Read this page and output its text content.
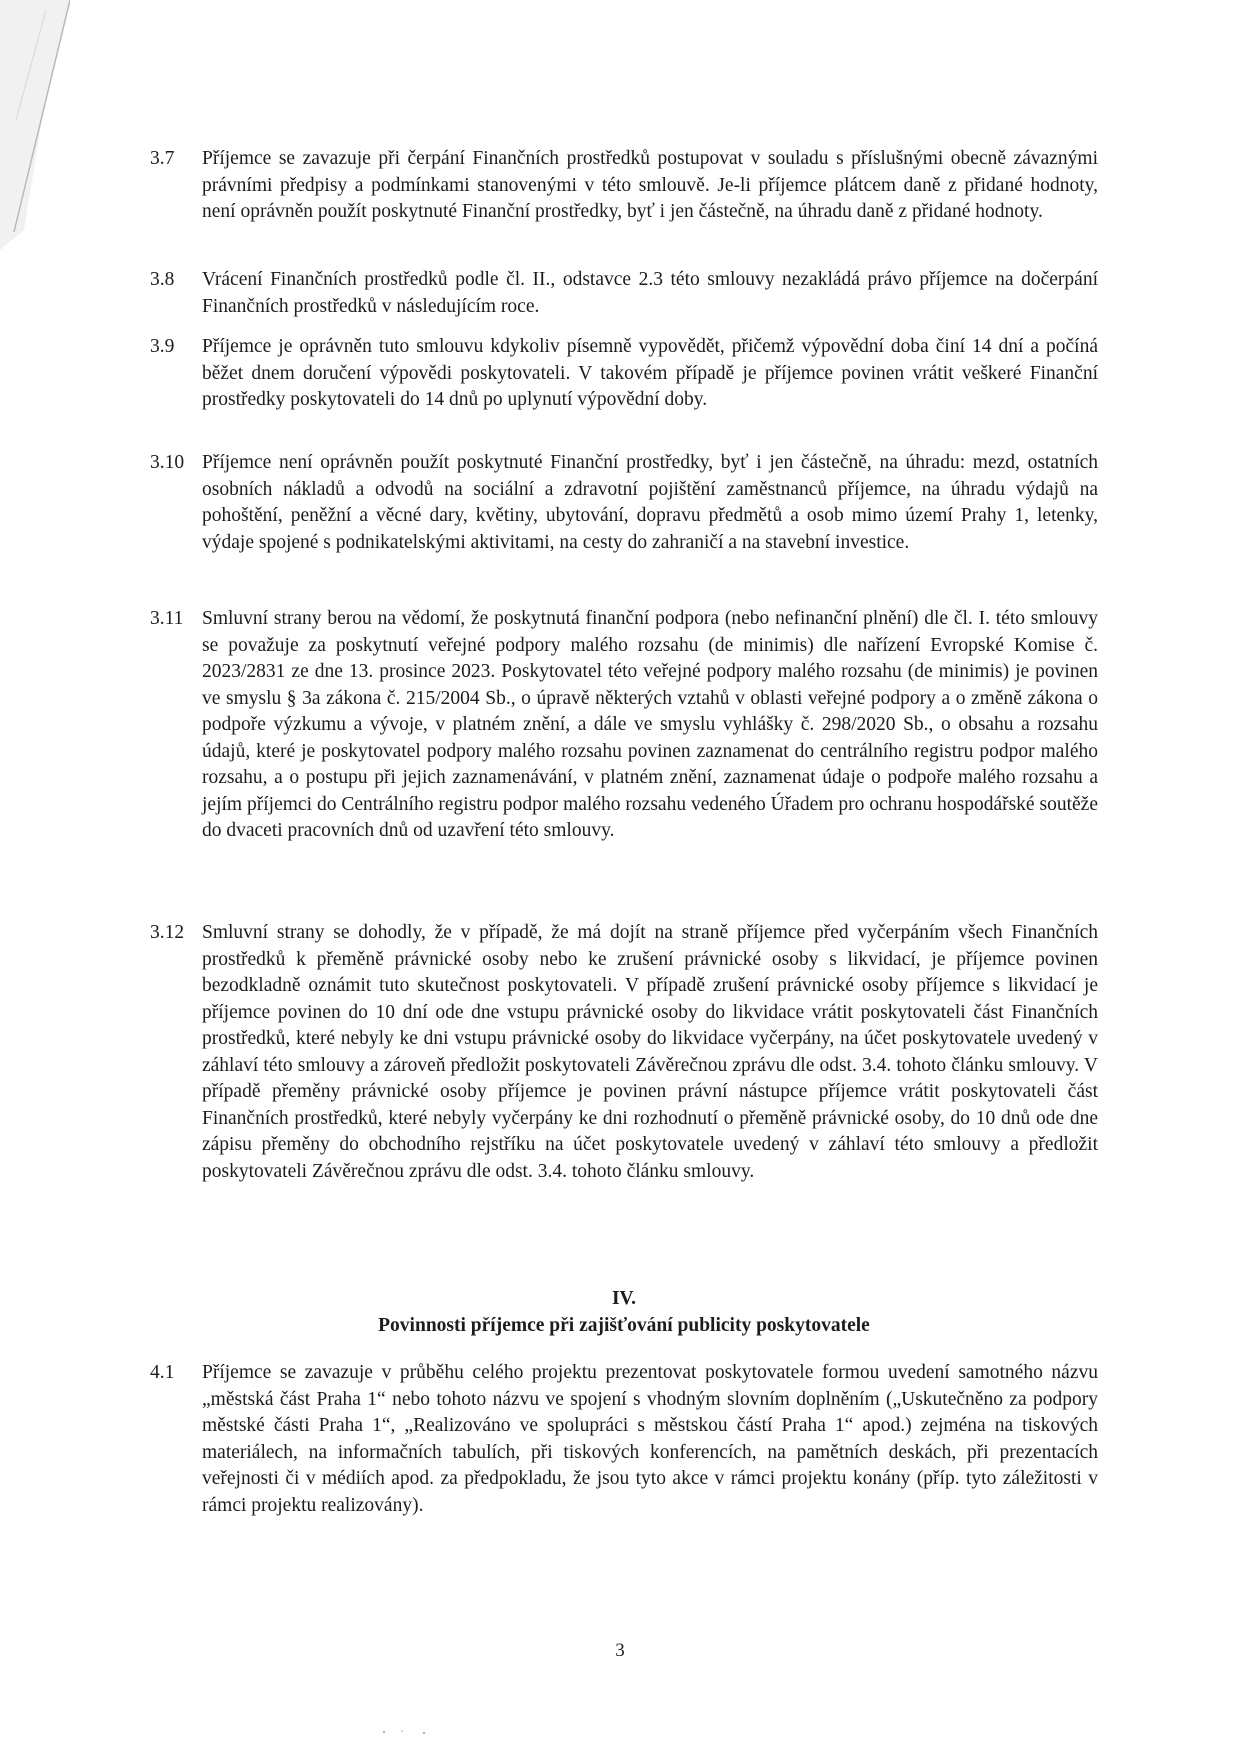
3.7	Příjemce se zavazuje při čerpání Finančních prostředků postupovat v souladu s příslušnými obecně závaznými právními předpisy a podmínkami stanovenými v této smlouvě. Je-li příjemce plátcem daně z přidané hodnoty, není oprávněn použít poskytnuté Finanční prostředky, byť i jen částečně, na úhradu daně z přidané hodnoty.
3.8	Vrácení Finančních prostředků podle čl. II., odstavce 2.3 této smlouvy nezakládá právo příjemce na dočerpání Finančních prostředků v následujícím roce.
3.9	Příjemce je oprávněn tuto smlouvu kdykoliv písemně vypovědět, přičemž výpovědní doba činí 14 dní a počíná běžet dnem doručení výpovědi poskytovateli. V takovém případě je příjemce povinen vrátit veškeré Finanční prostředky poskytovateli do 14 dnů po uplynutí výpovědní doby.
3.10 Příjemce není oprávněn použít poskytnuté Finanční prostředky, byť i jen částečně, na úhradu: mezd, ostatních osobních nákladů a odvodů na sociální a zdravotní pojištění zaměstnanců příjemce, na úhradu výdajů na pohoštění, peněžní a věcné dary, květiny, ubytování, dopravu předmětů a osob mimo území Prahy 1, letenky, výdaje spojené s podnikatelskými aktivitami, na cesty do zahraničí a na stavební investice.
3.11 Smluvní strany berou na vědomí, že poskytnutá finanční podpora (nebo nefinanční plnění) dle čl. I. této smlouvy se považuje za poskytnutí veřejné podpory malého rozsahu (de minimis) dle nařízení Evropské Komise č. 2023/2831 ze dne 13. prosince 2023. Poskytovatel této veřejné podpory malého rozsahu (de minimis) je povinen ve smyslu § 3a zákona č. 215/2004 Sb., o úpravě některých vztahů v oblasti veřejné podpory a o změně zákona o podpoře výzkumu a vývoje, v platném znění, a dále ve smyslu vyhlášky č. 298/2020 Sb., o obsahu a rozsahu údajů, které je poskytovatel podpory malého rozsahu povinen zaznamenat do centrálního registru podpor malého rozsahu, a o postupu při jejich zaznamenávání, v platném znění, zaznamenat údaje o podpoře malého rozsahu a jejím příjemci do Centrálního registru podpor malého rozsahu vedeného Úřadem pro ochranu hospodářské soutěže do dvaceti pracovních dnů od uzavření této smlouvy.
3.12 Smluvní strany se dohodly, že v případě, že má dojít na straně příjemce před vyčerpáním všech Finančních prostředků k přeměně právnické osoby nebo ke zrušení právnické osoby s likvidací, je příjemce povinen bezodkladně oznámit tuto skutečnost poskytovateli. V případě zrušení právnické osoby příjemce s likvidací je příjemce povinen do 10 dní ode dne vstupu právnické osoby do likvidace vrátit poskytovateli část Finančních prostředků, které nebyly ke dni vstupu právnické osoby do likvidace vyčerpány, na účet poskytovatele uvedený v záhlaví této smlouvy a zároveň předložit poskytovateli Závěrečnou zprávu dle odst. 3.4. tohoto článku smlouvy. V případě přeměny právnické osoby příjemce je povinen právní nástupce příjemce vrátit poskytovateli část Finančních prostředků, které nebyly vyčerpány ke dni rozhodnutí o přeměně právnické osoby, do 10 dnů ode dne zápisu přeměny do obchodního rejstříku na účet poskytovatele uvedený v záhlaví této smlouvy a předložit poskytovateli Závěrečnou zprávu dle odst. 3.4. tohoto článku smlouvy.
IV.
Povinnosti příjemce při zajišťování publicity poskytovatele
4.1	Příjemce se zavazuje v průběhu celého projektu prezentovat poskytovatele formou uvedení samotného názvu „městská část Praha 1“ nebo tohoto názvu ve spojení s vhodným slovním doplněním („Uskutečněno za podpory městské části Praha 1“, „Realizováno ve spolupráci s městskou částí Praha 1“ apod.) zejména na tiskových materiálech, na informačních tabulích, při tiskových konferencích, na pamětních deskách, při prezentacích veřejnosti či v médiích apod. za předpokladu, že jsou tyto akce v rámci projektu konány (příp. tyto záležitosti v rámci projektu realizovány).
3
